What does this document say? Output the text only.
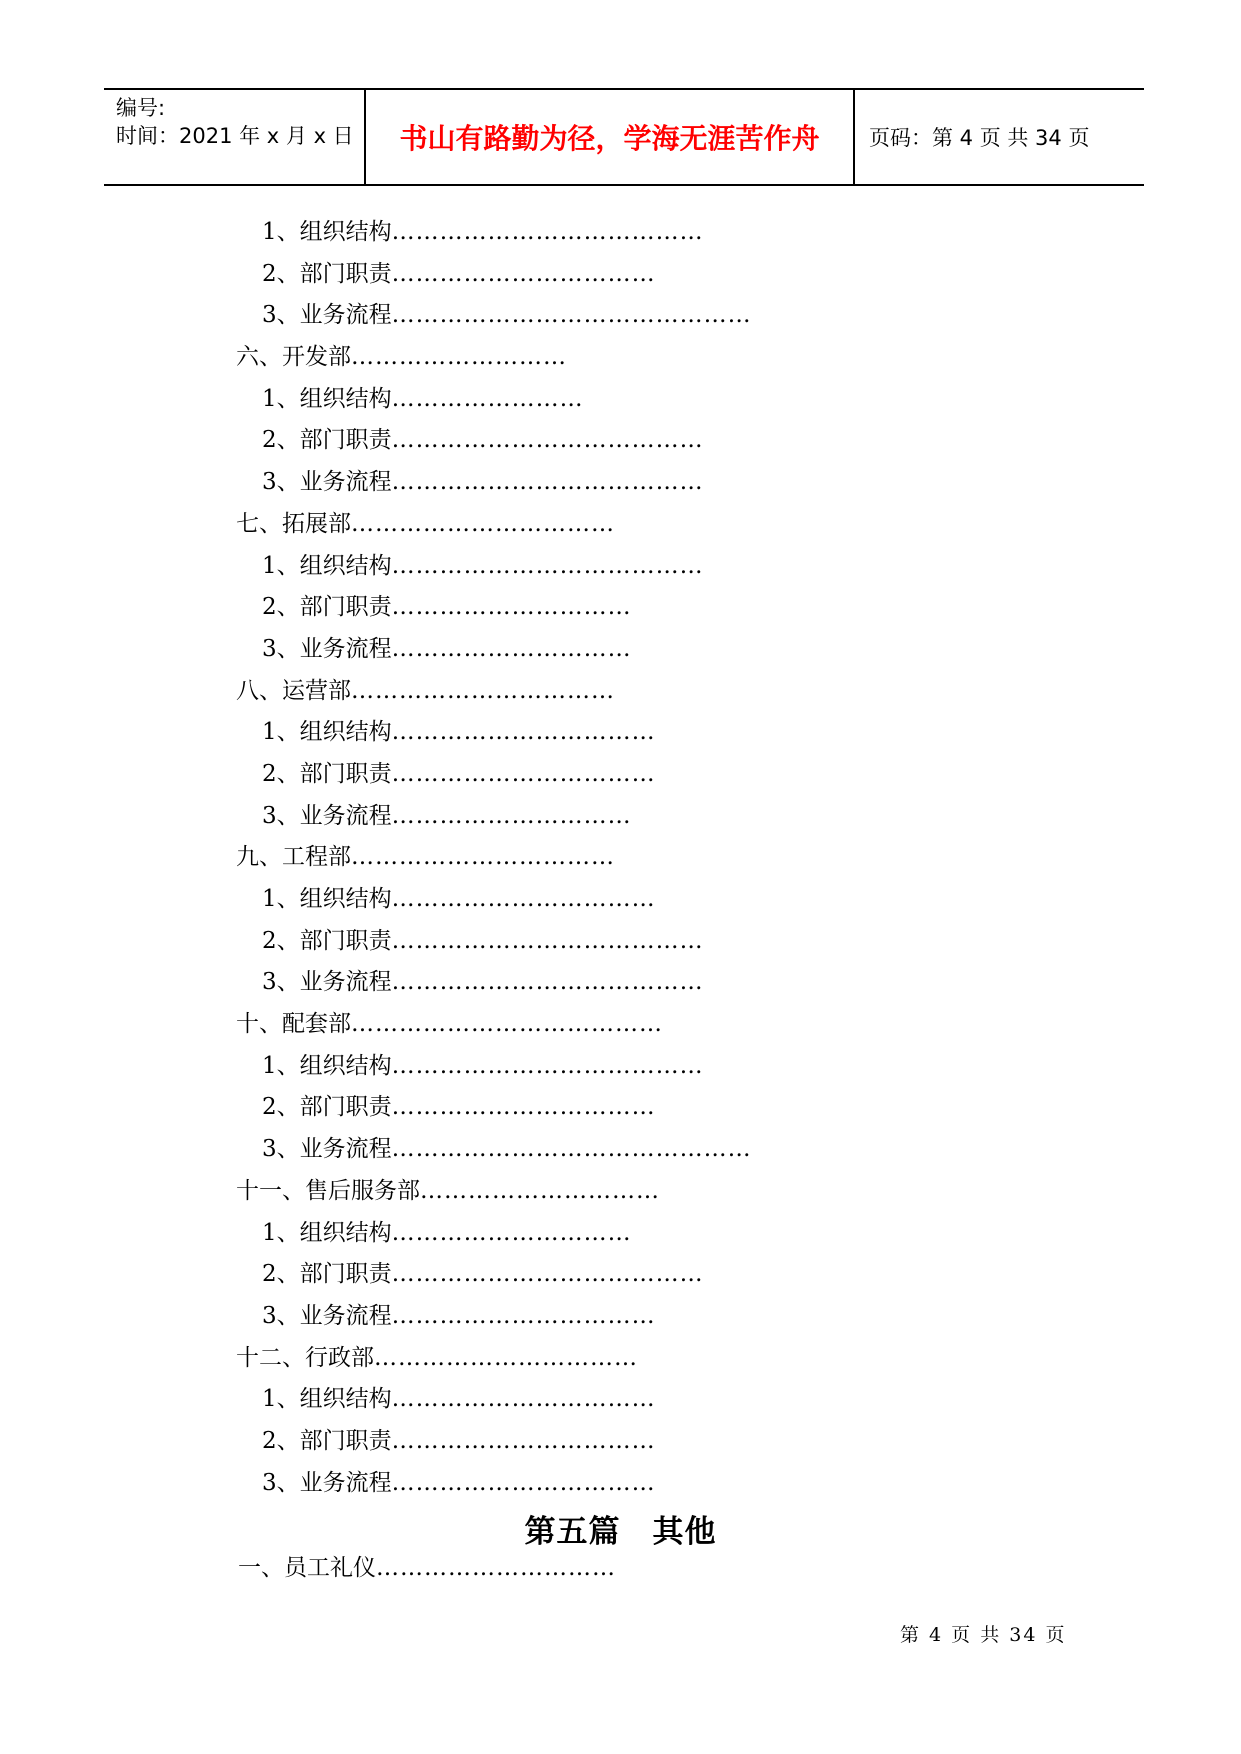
编号:
时间：2021 年 x 月 x 日	书山有路勤为径，学海无涯苦作舟	页码：第 4 页 共 34 页
1、组织结构…………………………………
2、部门职责……………………………
3、业务流程………………………………………
六、开发部………………………
1、组织结构……………………
2、部门职责…………………………………
3、业务流程…………………………………
七、拓展部……………………………
1、组织结构…………………………………
2、部门职责…………………………
3、业务流程…………………………
八、运营部……………………………
1、组织结构……………………………
2、部门职责……………………………
3、业务流程…………………………
九、工程部……………………………
1、组织结构……………………………
2、部门职责…………………………………
3、业务流程…………………………………
十、配套部…………………………………
1、组织结构…………………………………
2、部门职责……………………………
3、业务流程………………………………………
十一、售后服务部…………………………
1、组织结构…………………………
2、部门职责…………………………………
3、业务流程……………………………
十二、行政部……………………………
1、组织结构……………………………
2、部门职责……………………………
3、业务流程……………………………
第五篇　其他
一、员工礼仪…………………………
第 4 页 共 34 页
